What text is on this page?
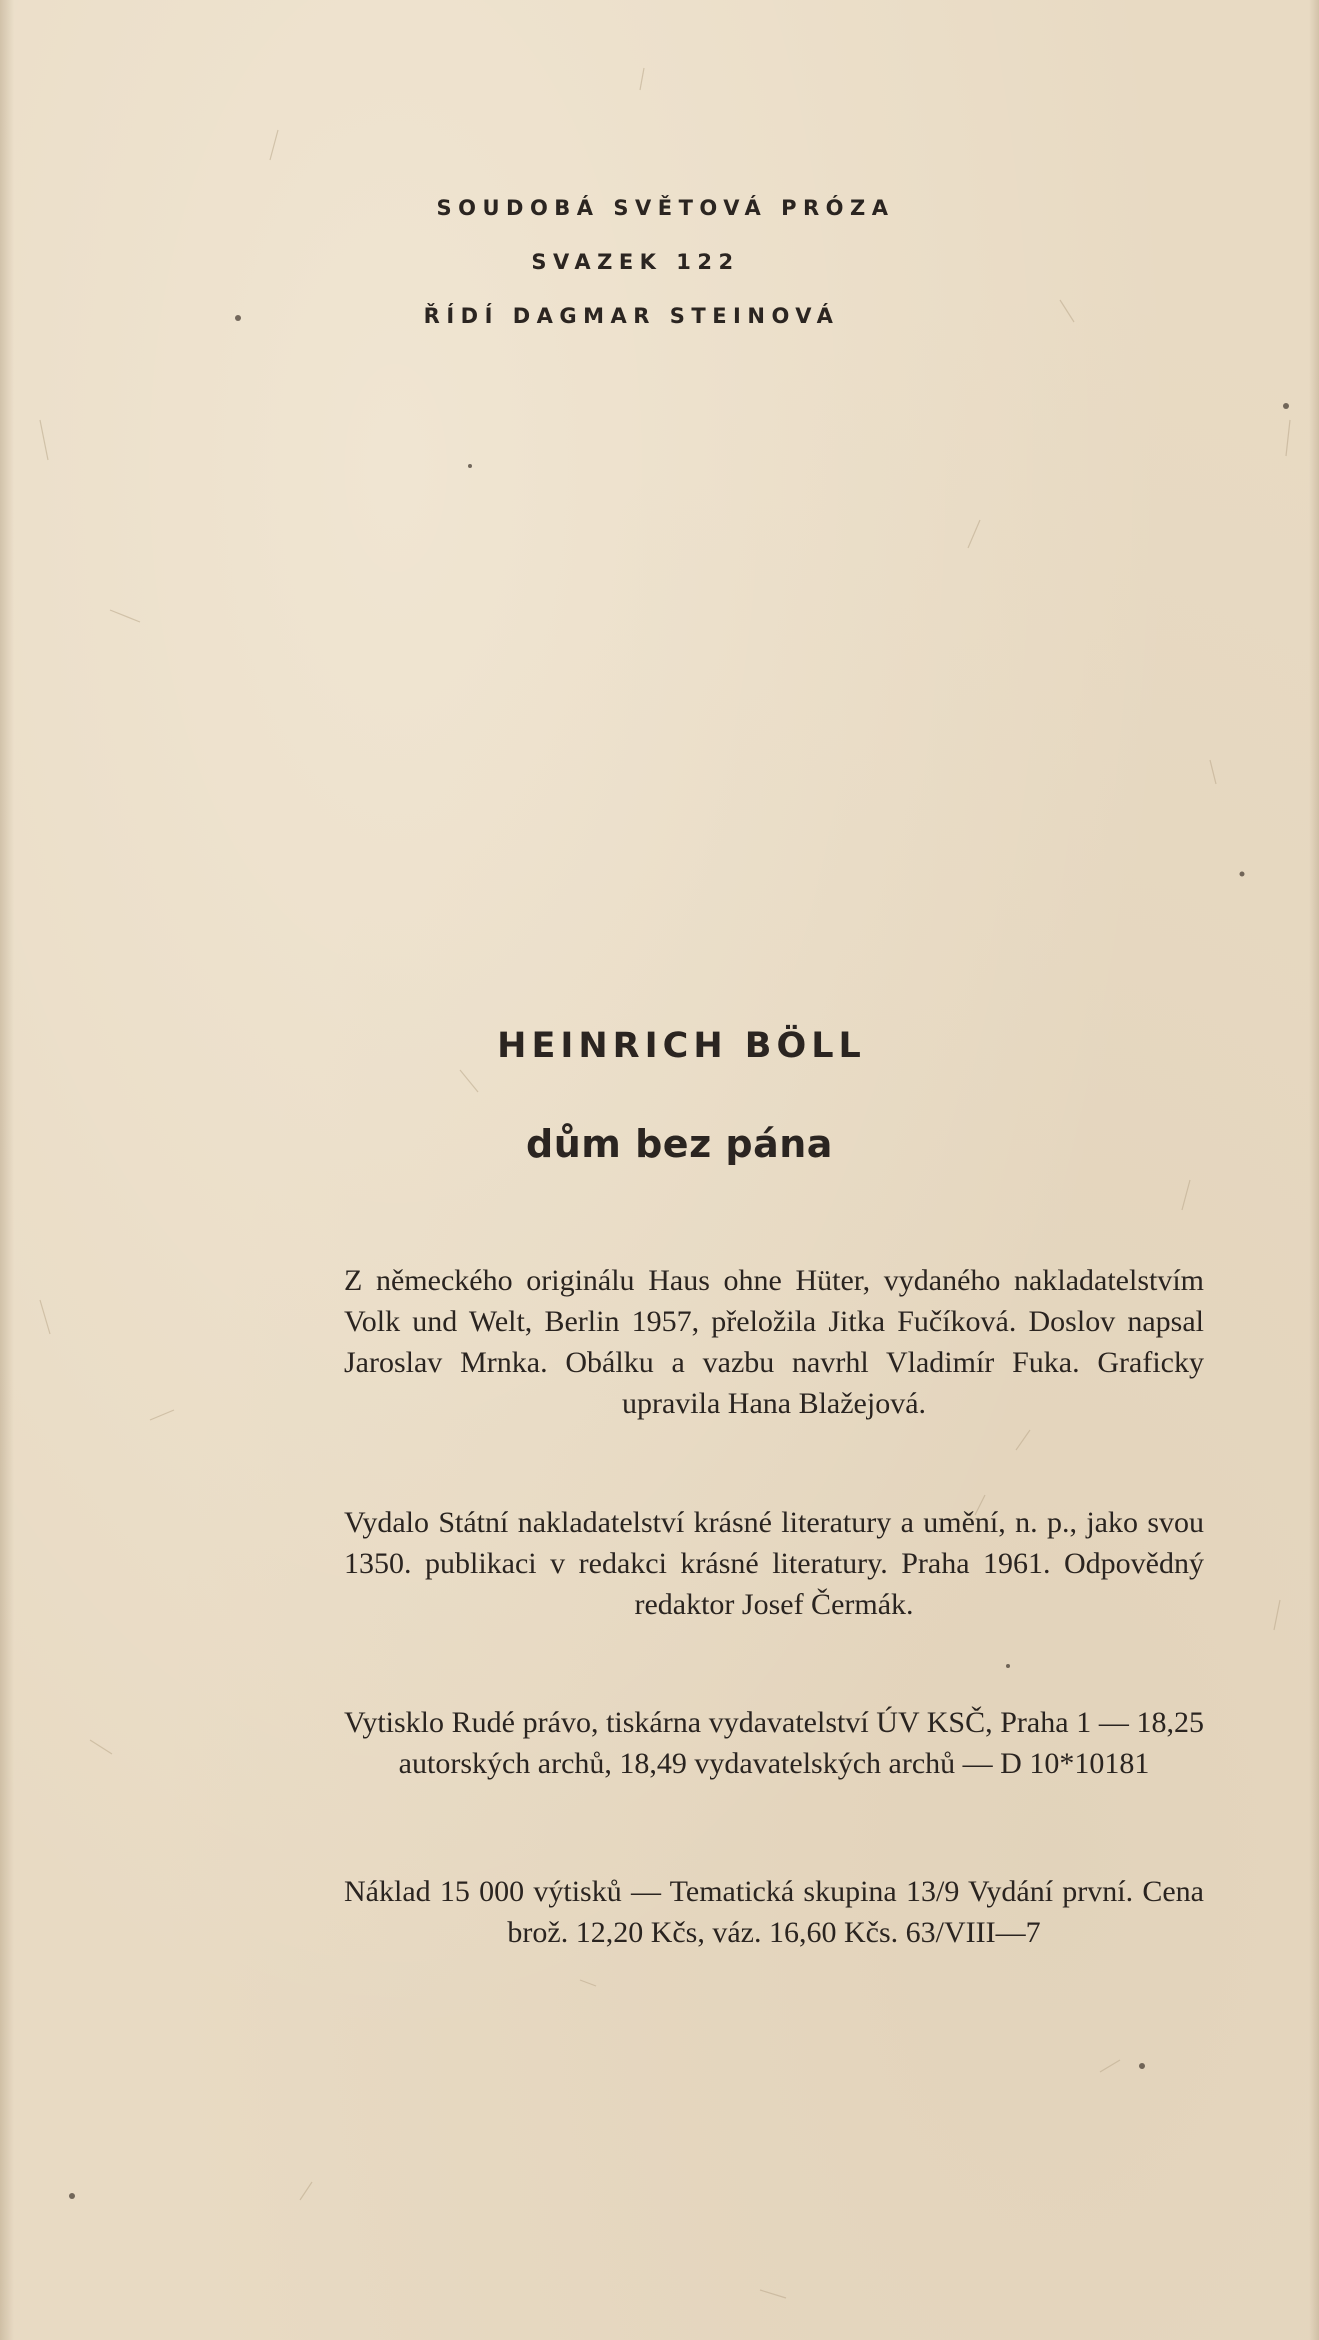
SOUDOBÁ SVĚTOVÁ PRÓZA
SVAZEK 122
ŘÍDÍ DAGMAR STEINOVÁ
HEINRICH BÖLL
dům bez pána
Z německého originálu Haus ohne Hüter, vydaného nakladatelstvím Volk und Welt, Berlin 1957, přeložila Jitka Fučíková. Doslov napsal Jaroslav Mrnka. Obálku a vazbu navrhl Vladimír Fuka. Graficky upravila Hana Blažejová.
Vydalo Státní nakladatelství krásné literatury a umění, n. p., jako svou 1350. publikaci v redakci krásné literatury. Praha 1961. Odpovědný redaktor Josef Čermák.
Vytisklo Rudé právo, tiskárna vydavatelství ÚV KSČ, Praha 1 — 18,25 autorských archů, 18,49 vydavatelských archů — D 10*10181
Náklad 15 000 výtisků — Tematická skupina 13/9 Vydání první. Cena brož. 12,20 Kčs, váz. 16,60 Kčs. 63/VIII—7
